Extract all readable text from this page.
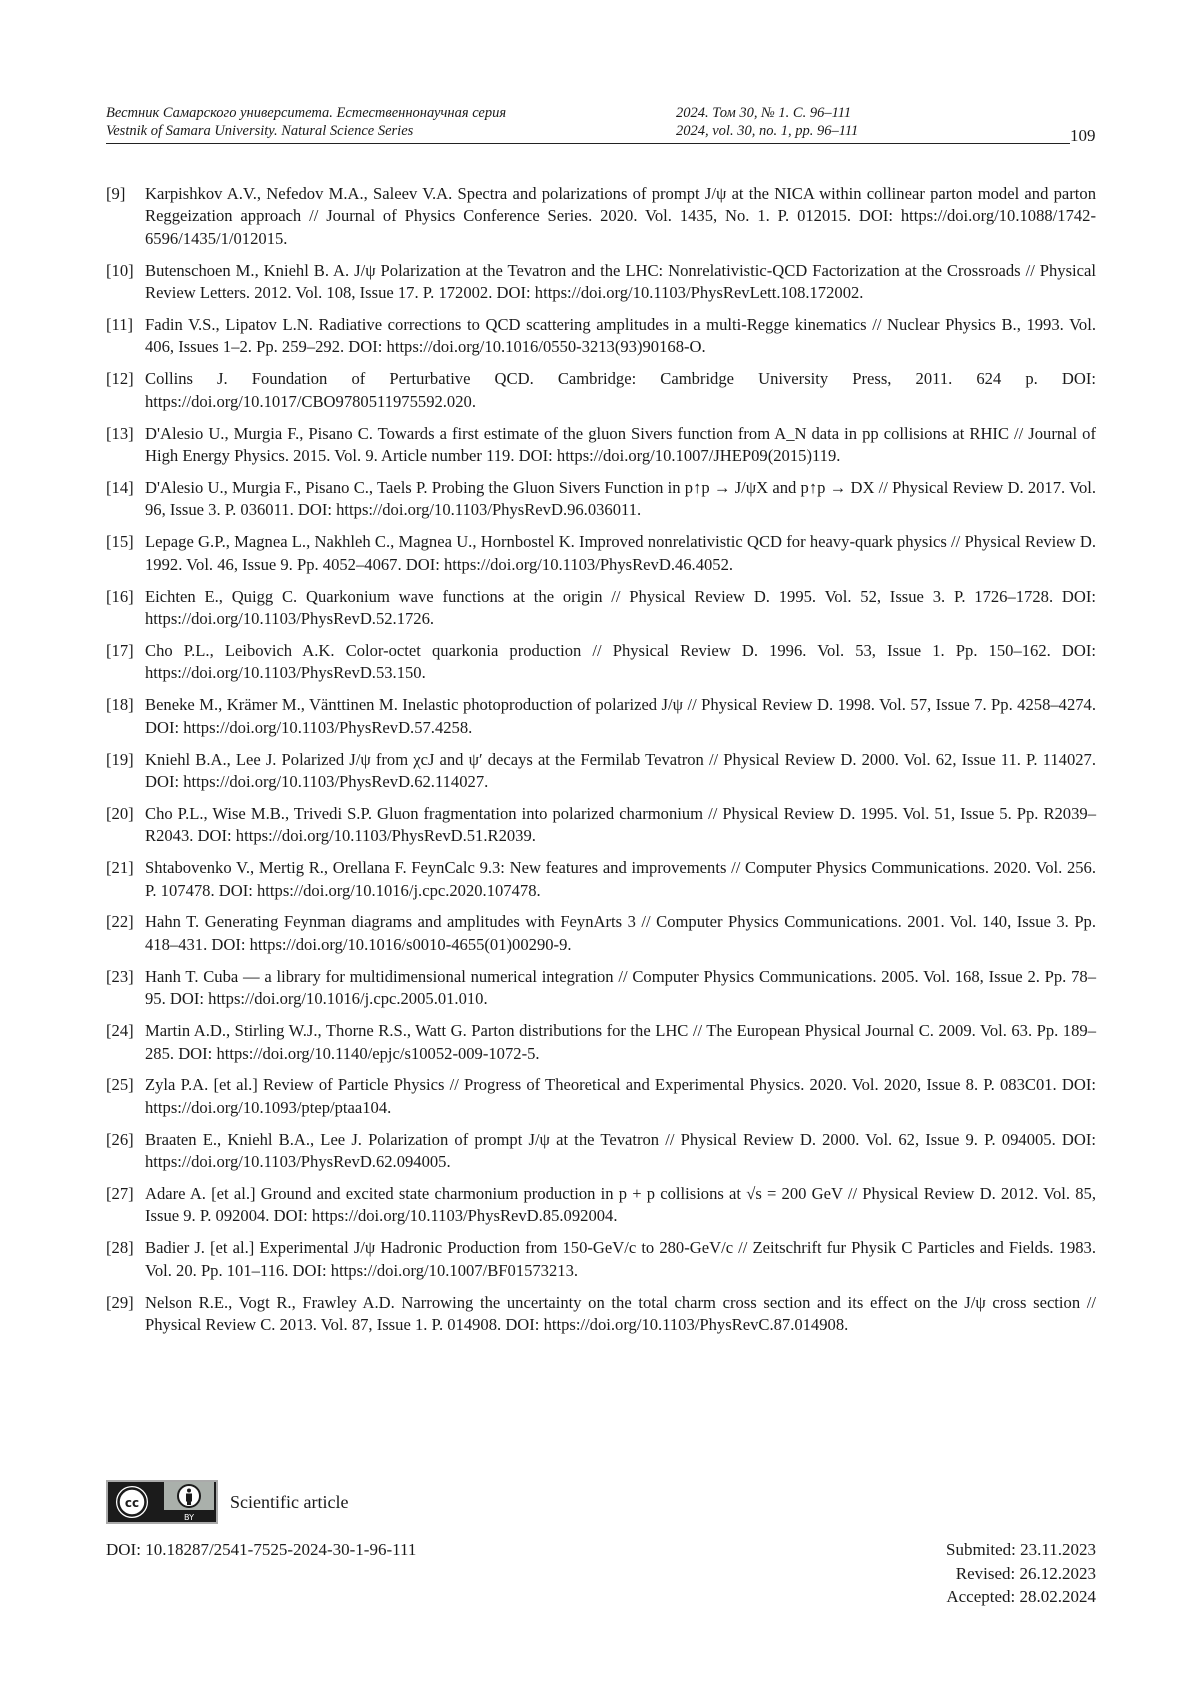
Вестник Самарского университета. Естественнонаучная серия	2024. Том 30, № 1. С. 96–111
Vestnik of Samara University. Natural Science Series	2024, vol. 30, no. 1, pp. 96–111	109
[9]	Karpishkov A.V., Nefedov M.A., Saleev V.A. Spectra and polarizations of prompt J/ψ at the NICA within collinear parton model and parton Reggeization approach // Journal of Physics Conference Series. 2020. Vol. 1435, No. 1. P. 012015. DOI: https://doi.org/10.1088/1742-6596/1435/1/012015.
[10] Butenschoen M., Kniehl B. A. J/ψ Polarization at the Tevatron and the LHC: Nonrelativistic-QCD Factorization at the Crossroads // Physical Review Letters. 2012. Vol. 108, Issue 17. P. 172002. DOI: https://doi.org/10.1103/PhysRevLett.108.172002.
[11] Fadin V.S., Lipatov L.N. Radiative corrections to QCD scattering amplitudes in a multi-Regge kinematics // Nuclear Physics B., 1993. Vol. 406, Issues 1–2. Pp. 259–292. DOI: https://doi.org/10.1016/0550-3213(93)90168-O.
[12] Collins J. Foundation of Perturbative QCD. Cambridge: Cambridge University Press, 2011. 624 p. DOI: https://doi.org/10.1017/CBO9780511975592.020.
[13] D'Alesio U., Murgia F., Pisano C. Towards a first estimate of the gluon Sivers function from A_N data in pp collisions at RHIC // Journal of High Energy Physics. 2015. Vol. 9. Article number 119. DOI: https://doi.org/10.1007/JHEP09(2015)119.
[14] D'Alesio U., Murgia F., Pisano C., Taels P. Probing the Gluon Sivers Function in p↑p → J/ψX and p↑p → DX // Physical Review D. 2017. Vol. 96, Issue 3. P. 036011. DOI: https://doi.org/10.1103/PhysRevD.96.036011.
[15] Lepage G.P., Magnea L., Nakhleh C., Magnea U., Hornbostel K. Improved nonrelativistic QCD for heavy-quark physics // Physical Review D. 1992. Vol. 46, Issue 9. Pp. 4052–4067. DOI: https://doi.org/10.1103/PhysRevD.46.4052.
[16] Eichten E., Quigg C. Quarkonium wave functions at the origin // Physical Review D. 1995. Vol. 52, Issue 3. P. 1726–1728. DOI: https://doi.org/10.1103/PhysRevD.52.1726.
[17] Cho P.L., Leibovich A.K. Color-octet quarkonia production // Physical Review D. 1996. Vol. 53, Issue 1. Pp. 150–162. DOI: https://doi.org/10.1103/PhysRevD.53.150.
[18] Beneke M., Krämer M., Vänttinen M. Inelastic photoproduction of polarized J/ψ // Physical Review D. 1998. Vol. 57, Issue 7. Pp. 4258–4274. DOI: https://doi.org/10.1103/PhysRevD.57.4258.
[19] Kniehl B.A., Lee J. Polarized J/ψ from χcJ and ψ′ decays at the Fermilab Tevatron // Physical Review D. 2000. Vol. 62, Issue 11. P. 114027. DOI: https://doi.org/10.1103/PhysRevD.62.114027.
[20] Cho P.L., Wise M.B., Trivedi S.P. Gluon fragmentation into polarized charmonium // Physical Review D. 1995. Vol. 51, Issue 5. Pp. R2039–R2043. DOI: https://doi.org/10.1103/PhysRevD.51.R2039.
[21] Shtabovenko V., Mertig R., Orellana F. FeynCalc 9.3: New features and improvements // Computer Physics Communications. 2020. Vol. 256. P. 107478. DOI: https://doi.org/10.1016/j.cpc.2020.107478.
[22] Hahn T. Generating Feynman diagrams and amplitudes with FeynArts 3 // Computer Physics Communications. 2001. Vol. 140, Issue 3. Pp. 418–431. DOI: https://doi.org/10.1016/s0010-4655(01)00290-9.
[23] Hanh T. Cuba — a library for multidimensional numerical integration // Computer Physics Communications. 2005. Vol. 168, Issue 2. Pp. 78–95. DOI: https://doi.org/10.1016/j.cpc.2005.01.010.
[24] Martin A.D., Stirling W.J., Thorne R.S., Watt G. Parton distributions for the LHC // The European Physical Journal C. 2009. Vol. 63. Pp. 189–285. DOI: https://doi.org/10.1140/epjc/s10052-009-1072-5.
[25] Zyla P.A. [et al.] Review of Particle Physics // Progress of Theoretical and Experimental Physics. 2020. Vol. 2020, Issue 8. P. 083C01. DOI: https://doi.org/10.1093/ptep/ptaa104.
[26] Braaten E., Kniehl B.A., Lee J. Polarization of prompt J/ψ at the Tevatron // Physical Review D. 2000. Vol. 62, Issue 9. P. 094005. DOI: https://doi.org/10.1103/PhysRevD.62.094005.
[27] Adare A. [et al.] Ground and excited state charmonium production in p + p collisions at √s = 200 GeV // Physical Review D. 2012. Vol. 85, Issue 9. P. 092004. DOI: https://doi.org/10.1103/PhysRevD.85.092004.
[28] Badier J. [et al.] Experimental J/ψ Hadronic Production from 150-GeV/c to 280-GeV/c // Zeitschrift fur Physik C Particles and Fields. 1983. Vol. 20. Pp. 101–116. DOI: https://doi.org/10.1007/BF01573213.
[29] Nelson R.E., Vogt R., Frawley A.D. Narrowing the uncertainty on the total charm cross section and its effect on the J/ψ cross section // Physical Review C. 2013. Vol. 87, Issue 1. P. 014908. DOI: https://doi.org/10.1103/PhysRevC.87.014908.
cc
BY
Scientific article
DOI: 10.18287/2541-7525-2024-30-1-96-111	Submited: 23.11.2023
Revised: 26.12.2023
Accepted: 28.02.2024
